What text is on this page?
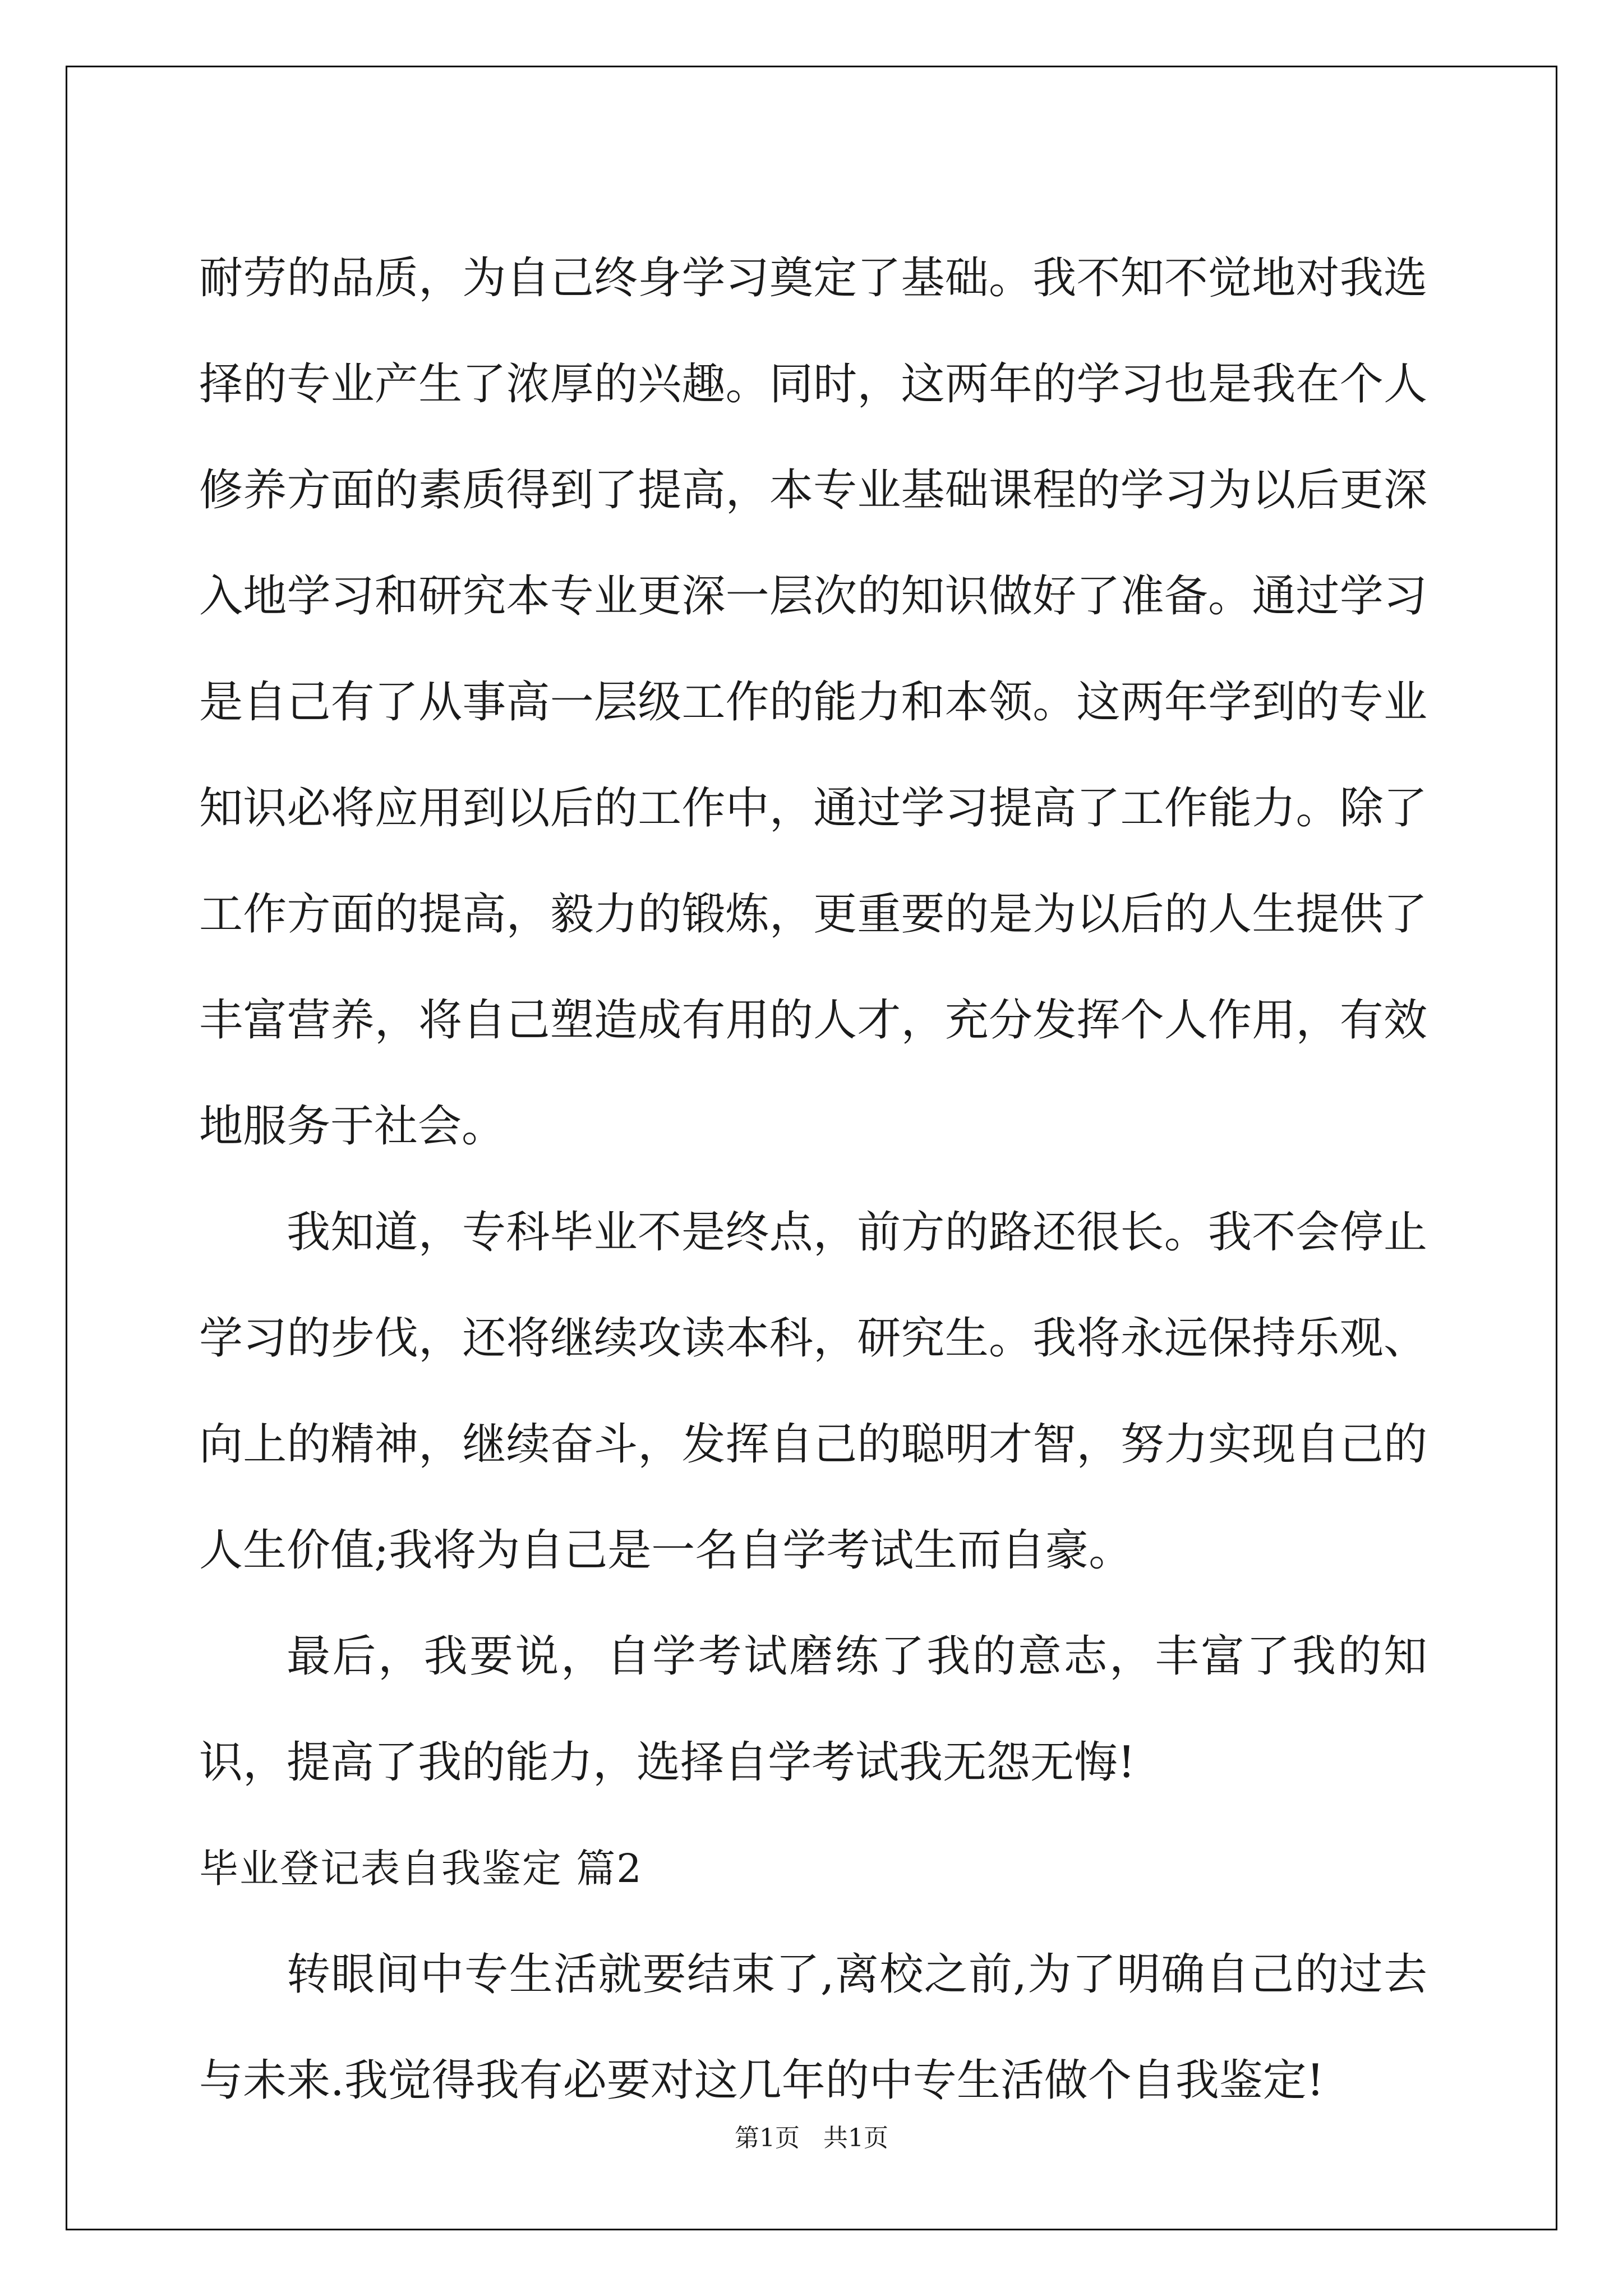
耐劳的品质，为自己终身学习奠定了基础。我不知不觉地对我选择的专业产生了浓厚的兴趣。同时，这两年的学习也是我在个人修养方面的素质得到了提高，本专业基础课程的学习为以后更深入地学习和研究本专业更深一层次的知识做好了准备。通过学习是自己有了从事高一层级工作的能力和本领。这两年学到的专业知识必将应用到以后的工作中，通过学习提高了工作能力。除了工作方面的提高，毅力的锻炼，更重要的是为以后的人生提供了丰富营养，将自己塑造成有用的人才，充分发挥个人作用，有效地服务于社会。

我知道，专科毕业不是终点，前方的路还很长。我不会停止学习的步伐，还将继续攻读本科，研究生。我将永远保持乐观、向上的精神，继续奋斗，发挥自己的聪明才智，努力实现自己的人生价值;我将为自己是一名自学考试生而自豪。

最后，我要说，自学考试磨练了我的意志，丰富了我的知识，提高了我的能力，选择自学考试我无怨无悔!

毕业登记表自我鉴定 篇2

转眼间中专生活就要结束了,离校之前,为了明确自己的过去与未来.我觉得我有必要对这几年的中专生活做个自我鉴定!

第1页 共1页
